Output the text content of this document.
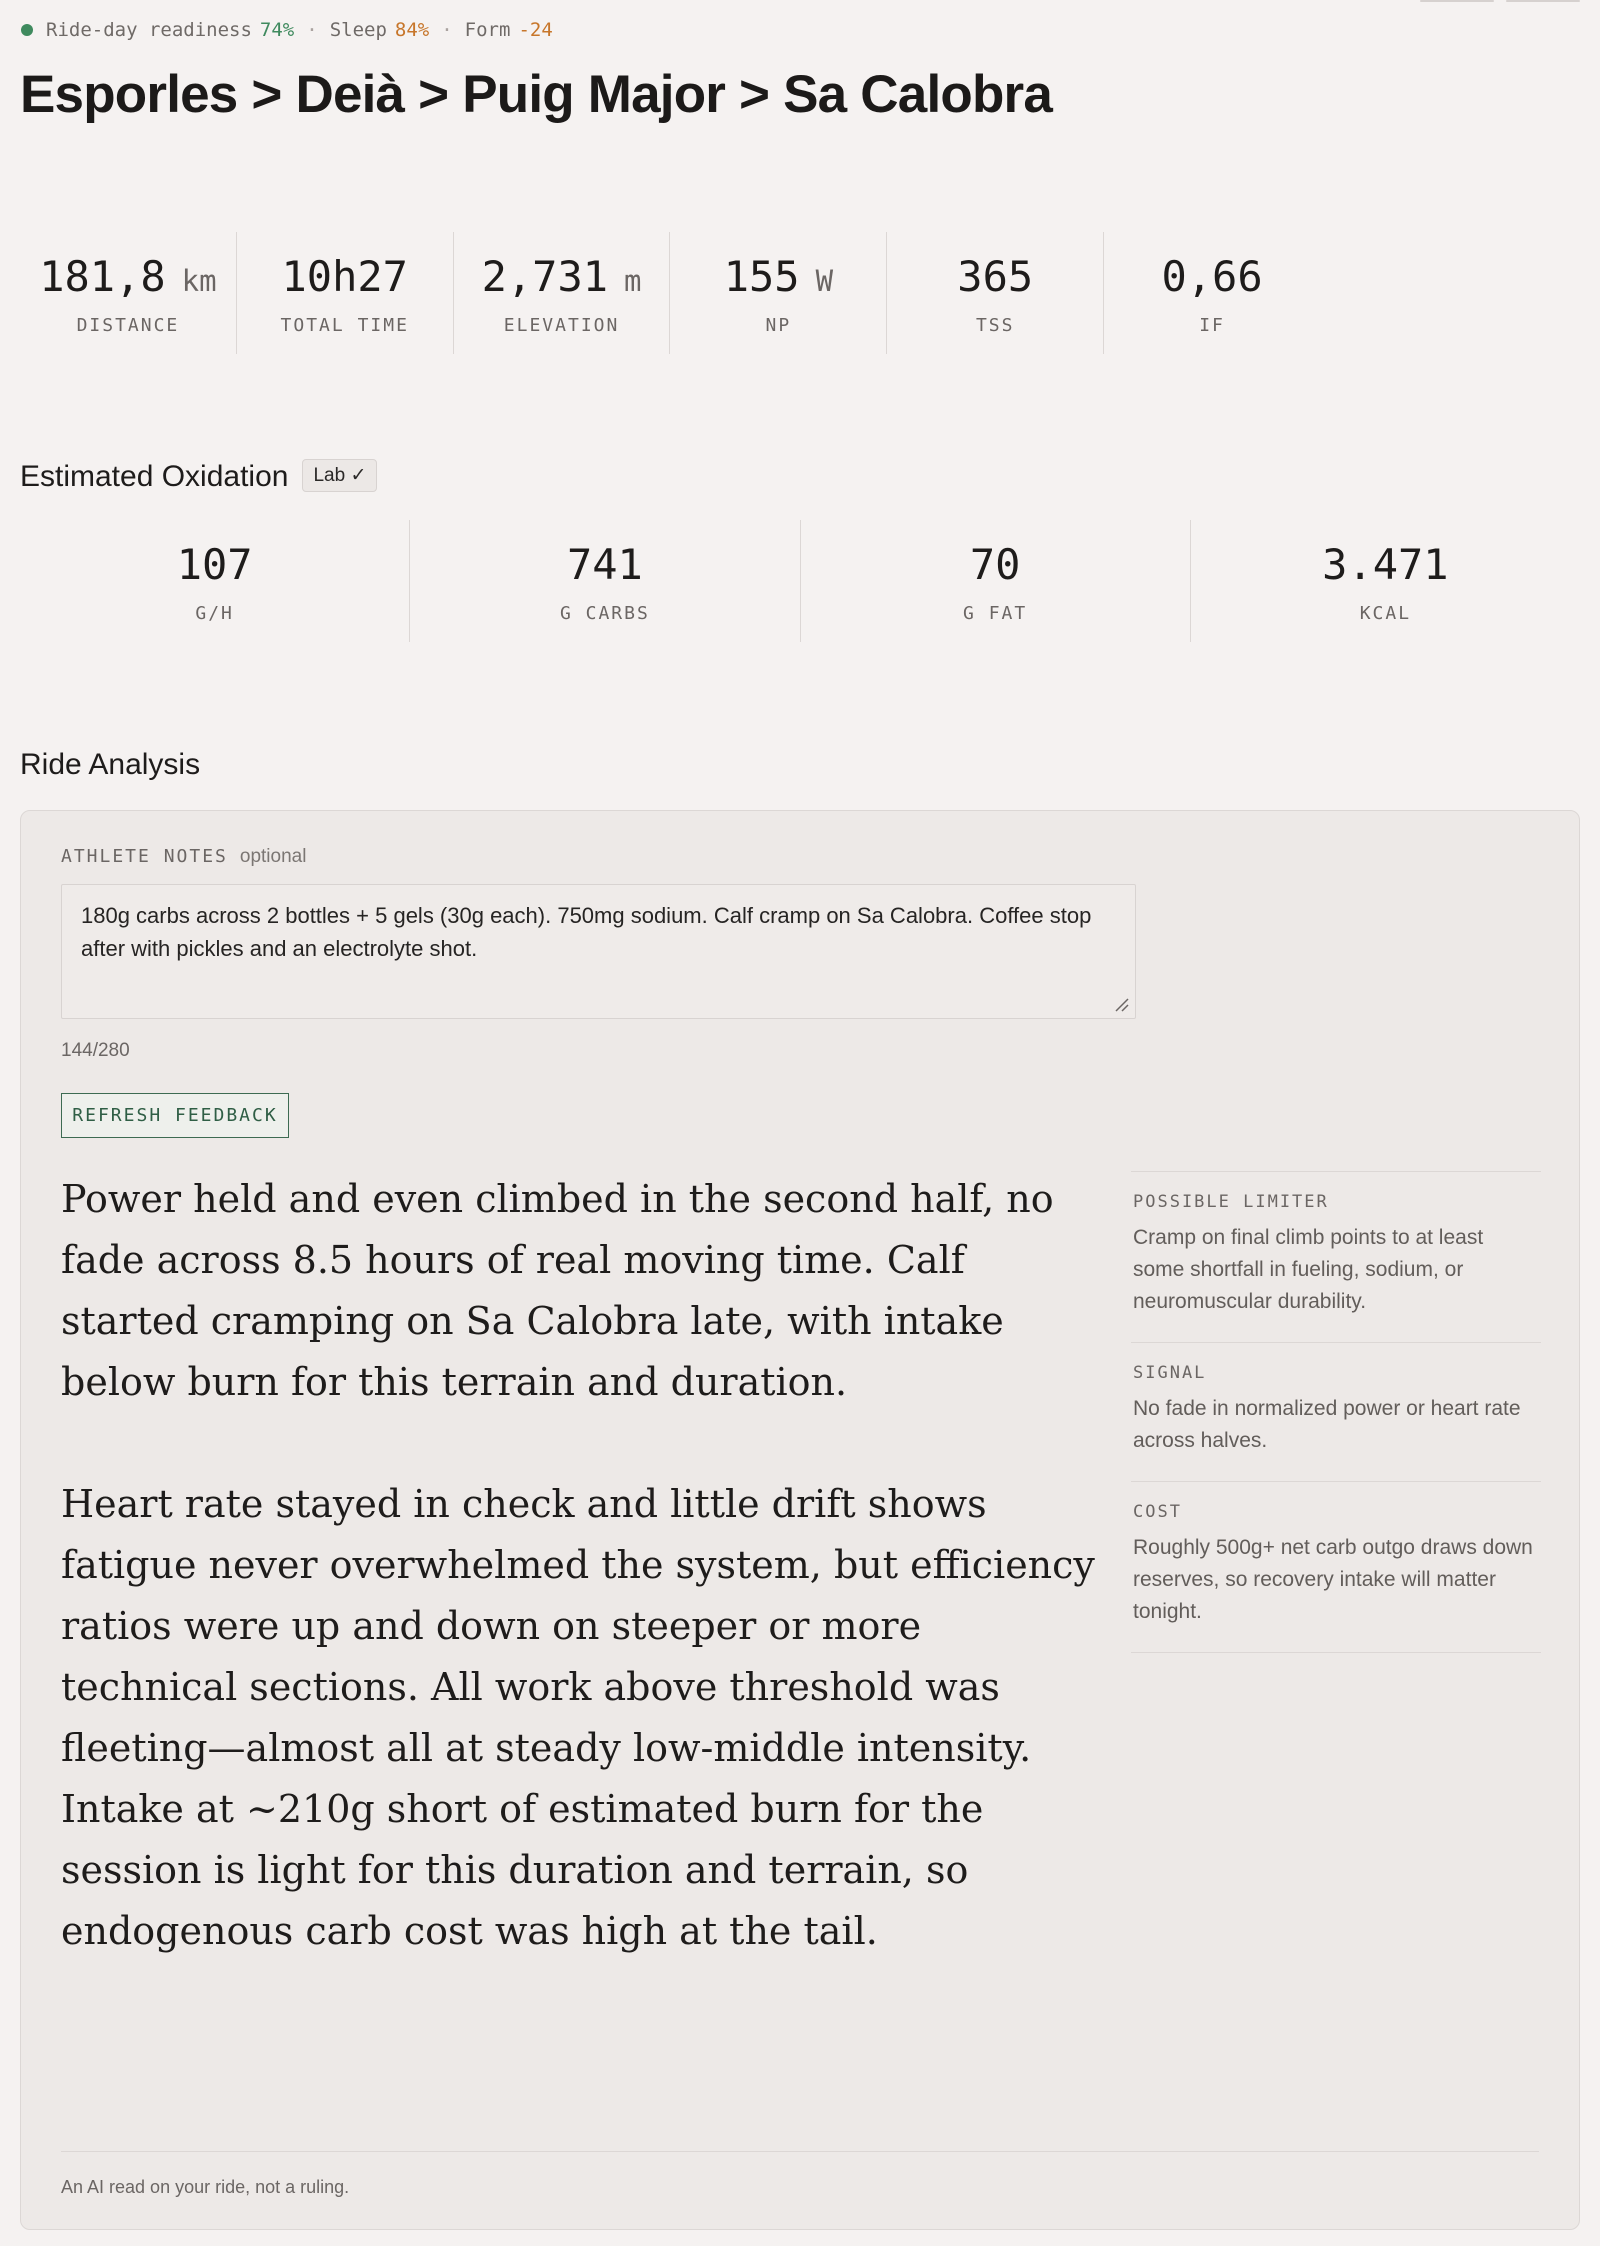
Ride-day readiness 74% · Sleep 84% · Form -24
Esporles > Deià > Puig Major > Sa Calobra
181,8 km
DISTANCE
10h27
TOTAL TIME
2,731 m
ELEVATION
155 W
NP
365
TSS
0,66
IF
Estimated Oxidation Lab ✓
107
G/H
741
G CARBS
70
G FAT
3.471
KCAL
Ride Analysis
ATHLETE NOTES optional
180g carbs across 2 bottles + 5 gels (30g each). 750mg sodium. Calf cramp on Sa Calobra. Coffee stop after with pickles and an electrolyte shot.
144/280
REFRESH FEEDBACK

Power held and even climbed in the second half, no fade across 8.5 hours of real moving time. Calf started cramping on Sa Calobra late, with intake below burn for this terrain and duration.

Heart rate stayed in check and little drift shows fatigue never overwhelmed the system, but efficiency ratios were up and down on steeper or more technical sections. All work above threshold was fleeting—almost all at steady low-middle intensity. Intake at ~210g short of estimated burn for the session is light for this duration and terrain, so endogenous carb cost was high at the tail.

POSSIBLE LIMITER
Cramp on final climb points to at least some shortfall in fueling, sodium, or neuromuscular durability.
SIGNAL
No fade in normalized power or heart rate across halves.
COST
Roughly 500g+ net carb outgo draws down reserves, so recovery intake will matter tonight.
An AI read on your ride, not a ruling.
